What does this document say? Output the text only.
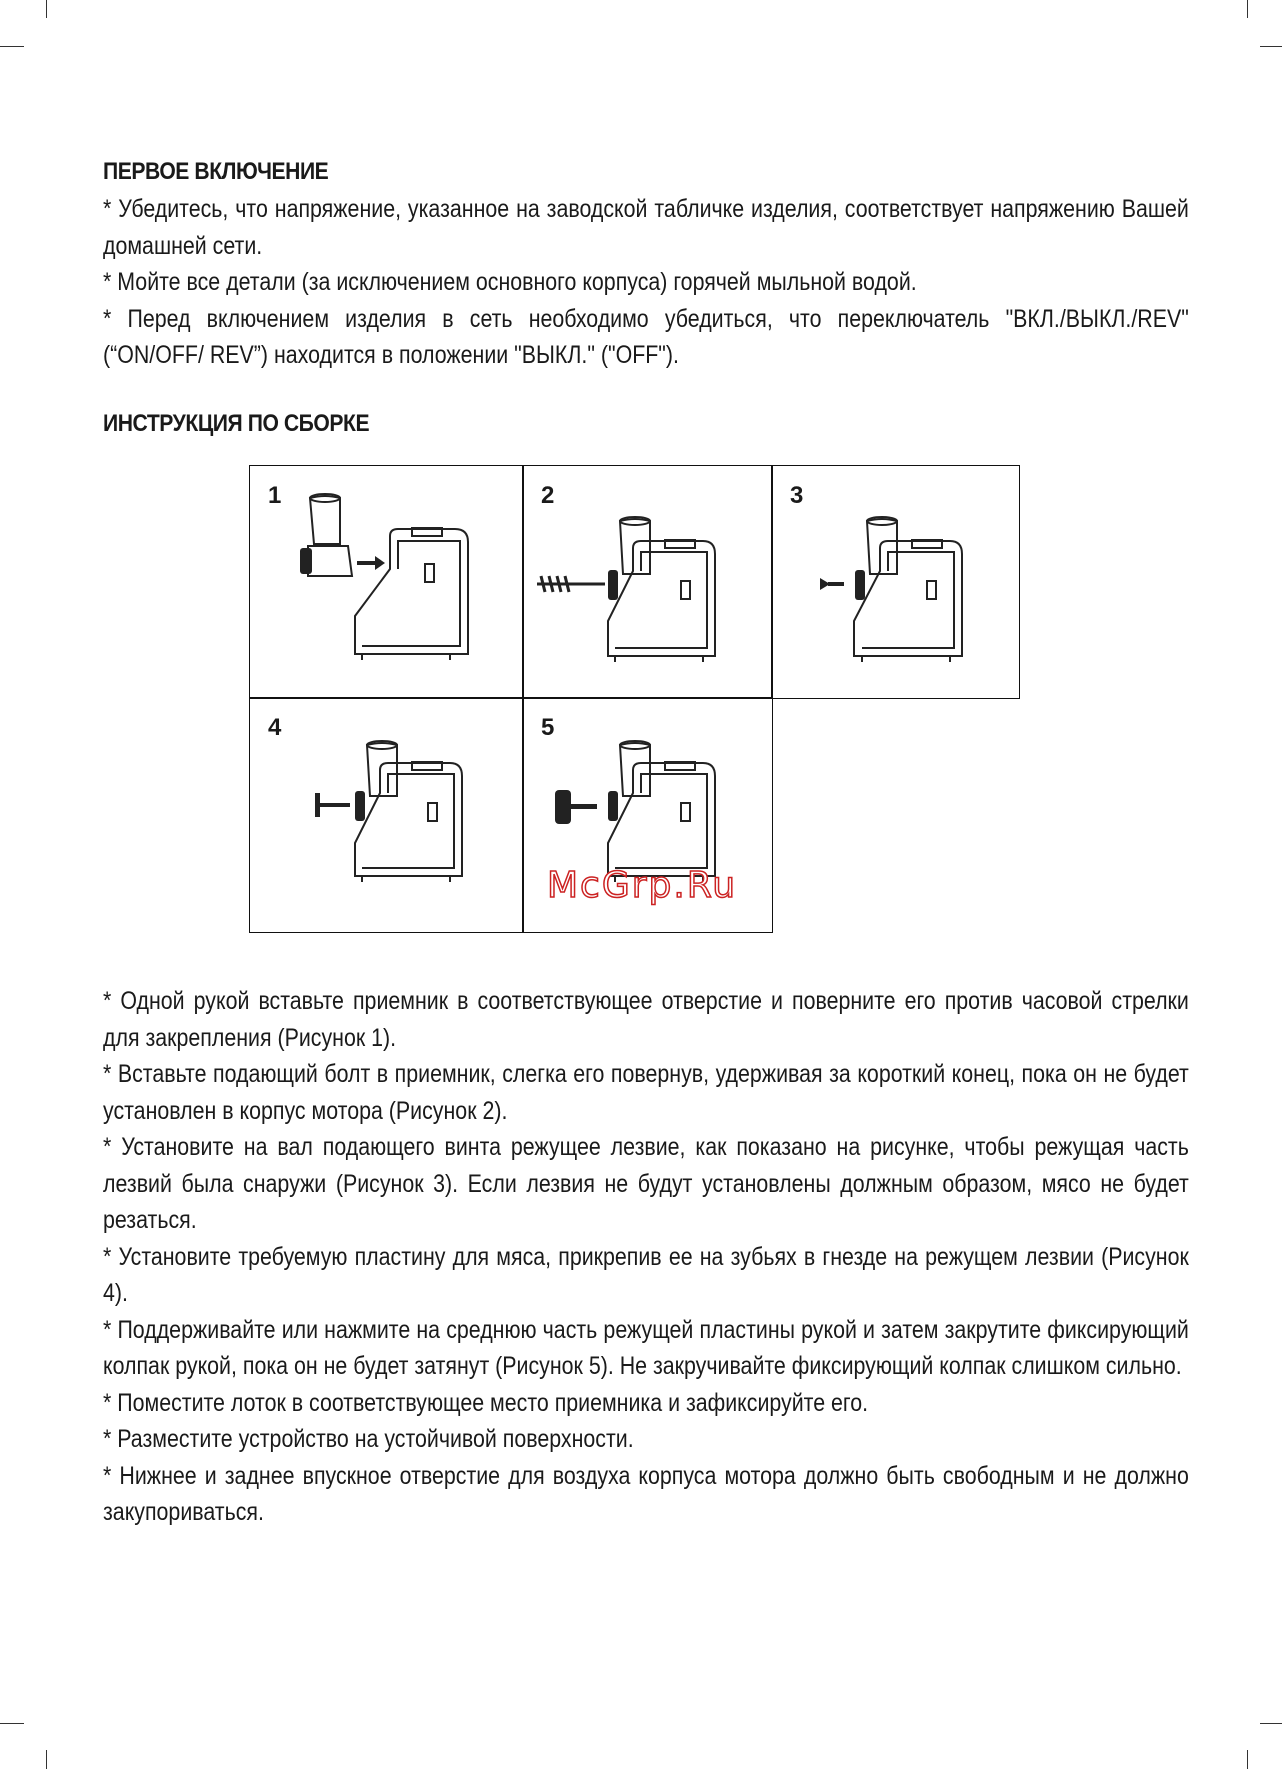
ПЕРВОЕ ВКЛЮЧЕНИЕ

* Убедитесь, что напряжение, указанное на заводской табличке изделия, соответствует напряжению Вашей домашней сети.

* Мойте все детали (за исключением основного корпуса) горячей мыльной водой.

* Перед включением изделия в сеть необходимо убедиться, что переключатель "ВКЛ./ВЫКЛ./REV" (“ON/OFF/ REV”) находится в положении "ВЫКЛ." ("OFF").

ИНСТРУКЦИЯ ПО СБОРКЕ
1	2	3
4	5
McGrp.Ru

* Одной рукой вставьте приемник в соответствующее отверстие и поверните его против часовой стрелки для закрепления (Рисунок 1).

* Вставьте подающий болт в приемник, слегка его повернув, удерживая за короткий конец, пока он не будет установлен в корпус мотора (Рисунок 2).

* Установите на вал подающего винта режущее лезвие, как показано на рисунке, чтобы режущая часть лезвий была снаружи (Рисунок 3). Если лезвия не будут установлены должным образом, мясо не будет резаться.

* Установите требуемую пластину для мяса, прикрепив ее на зубьях в гнезде на режущем лезвии (Рисунок 4).

* Поддерживайте или нажмите на среднюю часть режущей пластины рукой и затем закрутите фиксирующий колпак рукой, пока он не будет затянут (Рисунок 5). Не закручивайте фиксирующий колпак слишком сильно.

* Поместите лоток в соответствующее место приемника и зафиксируйте его.

* Разместите устройство на устойчивой поверхности.

* Нижнее и заднее впускное отверстие для воздуха корпуса мотора должно быть свободным и не должно закупориваться.
